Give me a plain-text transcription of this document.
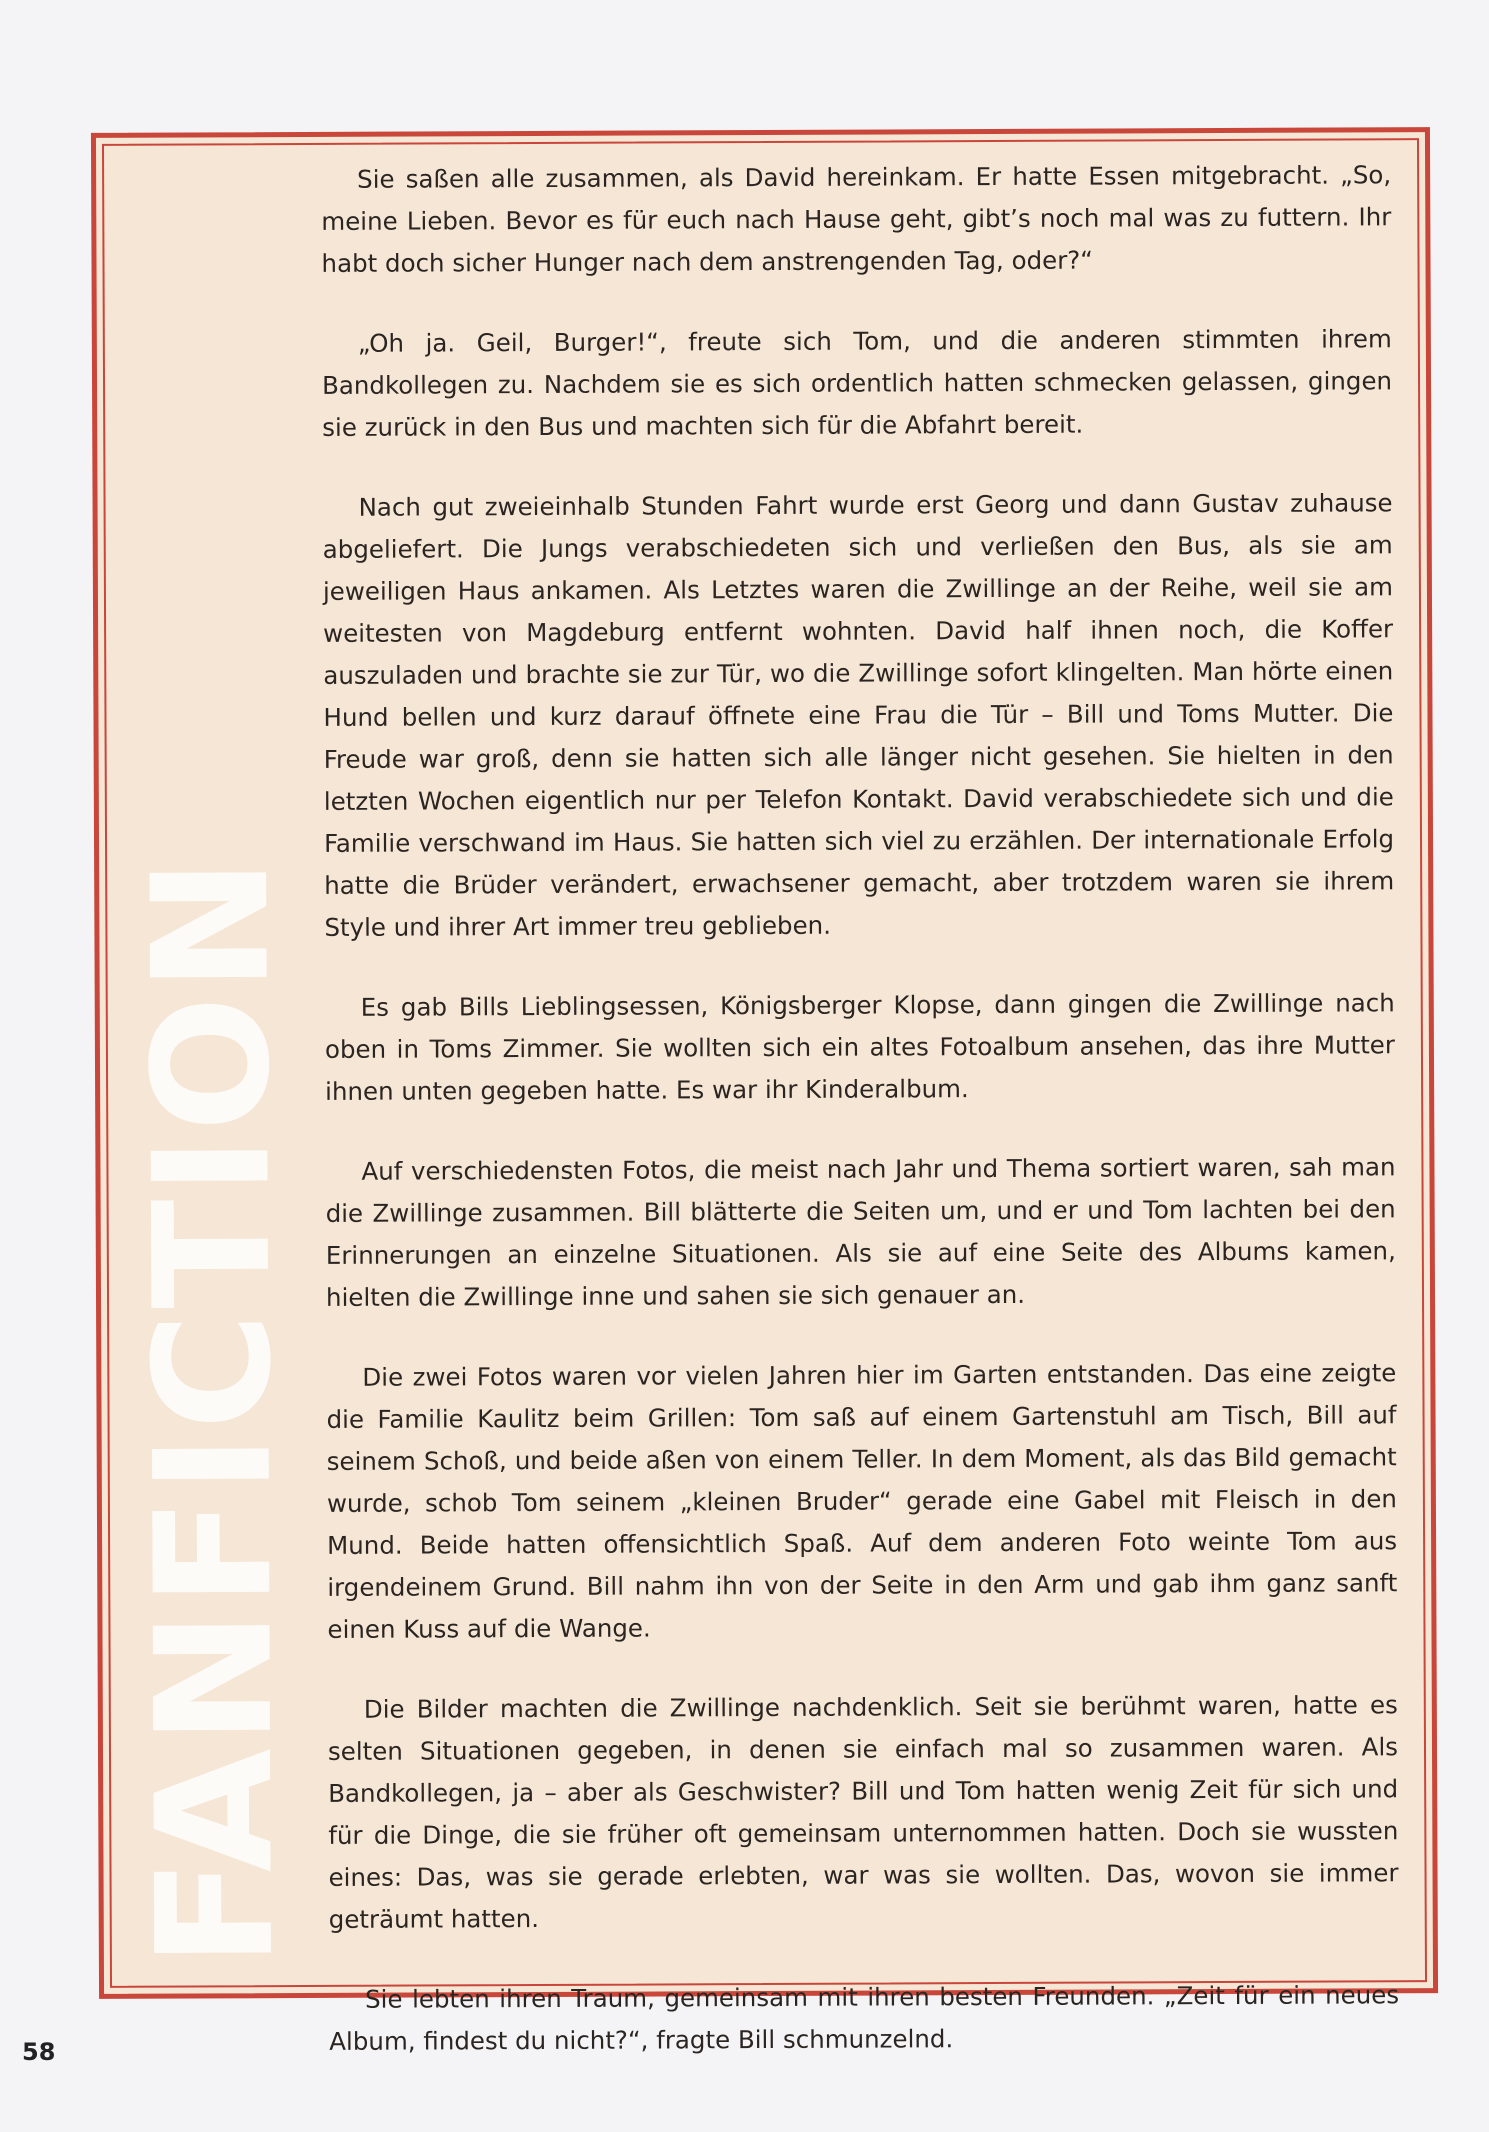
FANFICTION

Sie saßen alle zusammen, als David hereinkam. Er hatte Essen mitgebracht. „So, meine Lieben. Bevor es für euch nach Hause geht, gibt’s noch mal was zu futtern. Ihr habt doch sicher Hunger nach dem anstrengenden Tag, oder?“

„Oh ja. Geil, Burger!“, freute sich Tom, und die anderen stimmten ihrem Bandkollegen zu. Nachdem sie es sich ordentlich hatten schmecken gelassen, gingen sie zurück in den Bus und machten sich für die Abfahrt bereit.

Nach gut zweieinhalb Stunden Fahrt wurde erst Georg und dann Gustav zuhause abgeliefert. Die Jungs verabschiedeten sich und verließen den Bus, als sie am jeweiligen Haus ankamen. Als Letztes waren die Zwillinge an der Reihe, weil sie am weitesten von Magdeburg entfernt wohnten. David half ihnen noch, die Koffer auszuladen und brachte sie zur Tür, wo die Zwillinge sofort klingelten. Man hörte einen Hund bellen und kurz darauf öffnete eine Frau die Tür – Bill und Toms Mutter. Die Freude war groß, denn sie hatten sich alle länger nicht gesehen. Sie hielten in den letzten Wochen eigentlich nur per Telefon Kontakt. David verabschiedete sich und die Familie verschwand im Haus. Sie hatten sich viel zu erzählen. Der internationale Erfolg hatte die Brüder verändert, erwachsener gemacht, aber trotzdem waren sie ihrem Style und ihrer Art immer treu geblieben.

Es gab Bills Lieblingsessen, Königsberger Klopse, dann gingen die Zwillinge nach oben in Toms Zimmer. Sie wollten sich ein altes Fotoalbum ansehen, das ihre Mutter ihnen unten gegeben hatte. Es war ihr Kinderalbum.

Auf verschiedensten Fotos, die meist nach Jahr und Thema sortiert waren, sah man die Zwillinge zusammen. Bill blätterte die Seiten um, und er und Tom lachten bei den Erinnerungen an einzelne Situationen. Als sie auf eine Seite des Albums kamen, hielten die Zwillinge inne und sahen sie sich genauer an.

Die zwei Fotos waren vor vielen Jahren hier im Garten entstanden. Das eine zeigte die Familie Kaulitz beim Grillen: Tom saß auf einem Gartenstuhl am Tisch, Bill auf seinem Schoß, und beide aßen von einem Teller. In dem Moment, als das Bild gemacht wurde, schob Tom seinem „kleinen Bruder“ gerade eine Gabel mit Fleisch in den Mund. Beide hatten offensichtlich Spaß. Auf dem anderen Foto weinte Tom aus irgendeinem Grund. Bill nahm ihn von der Seite in den Arm und gab ihm ganz sanft einen Kuss auf die Wange.

Die Bilder machten die Zwillinge nachdenklich. Seit sie berühmt waren, hatte es selten Situationen gegeben, in denen sie einfach mal so zusammen waren. Als Bandkollegen, ja – aber als Geschwister? Bill und Tom hatten wenig Zeit für sich und für die Dinge, die sie früher oft gemeinsam unternommen hatten. Doch sie wussten eines: Das, was sie gerade erlebten, war was sie wollten. Das, wovon sie immer geträumt hatten.

Sie lebten ihren Traum, gemeinsam mit ihren besten Freunden. „Zeit für ein neues Album, findest du nicht?“, fragte Bill schmunzelnd.

58
